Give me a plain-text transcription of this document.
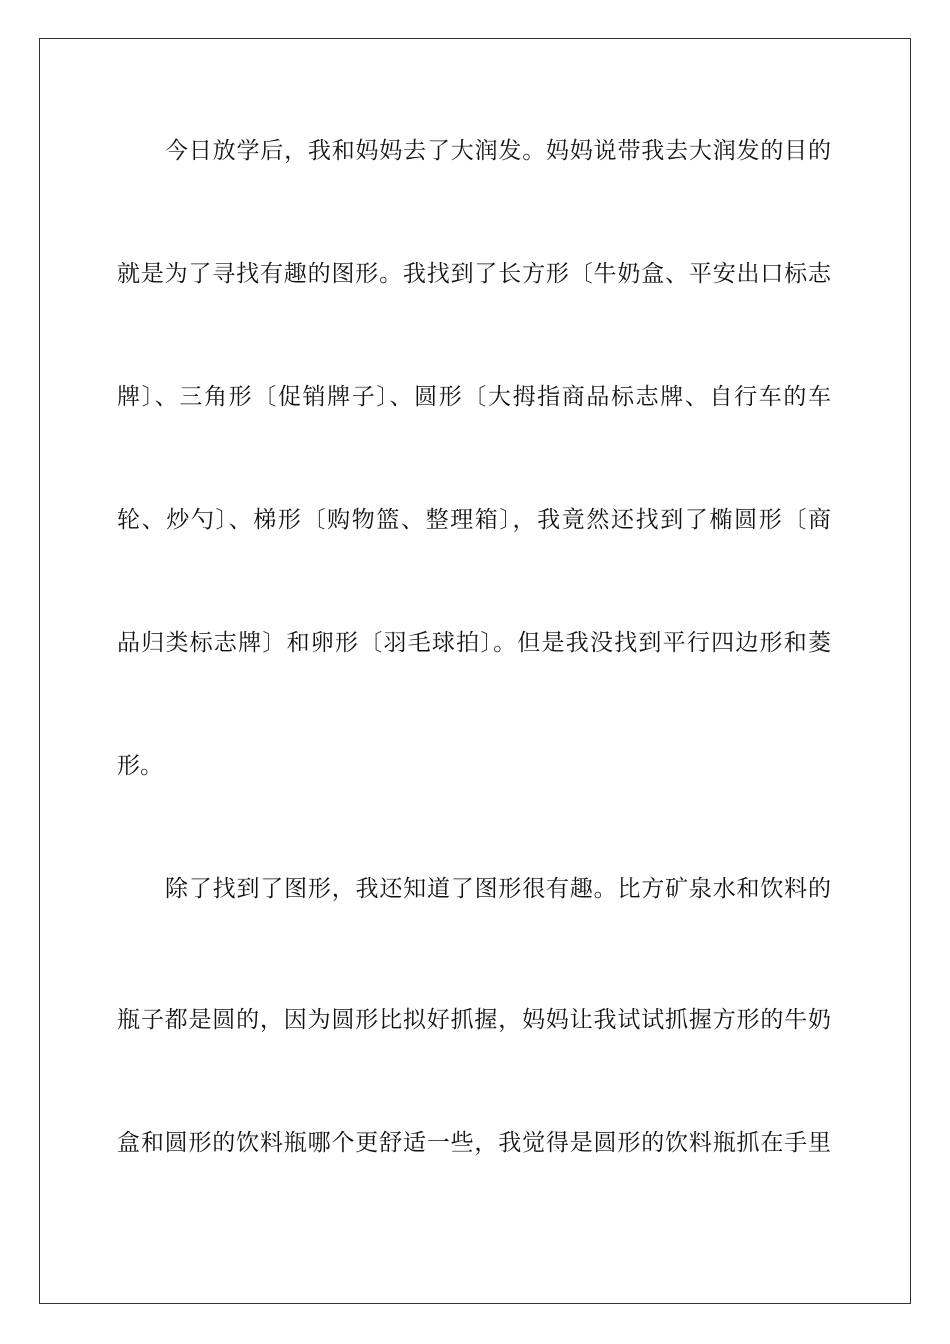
今日放学后，我和妈妈去了大润发。妈妈说带我去大润发的目的
就是为了寻找有趣的图形。我找到了长方形〔牛奶盒、平安出口标志
牌〕、三角形〔促销牌子〕、圆形〔大拇指商品标志牌、自行车的车
轮、炒勺〕、梯形〔购物篮、整理箱〕，我竟然还找到了椭圆形〔商
品归类标志牌〕和卵形〔羽毛球拍〕。但是我没找到平行四边形和菱
形。
除了找到了图形，我还知道了图形很有趣。比方矿泉水和饮料的
瓶子都是圆的，因为圆形比拟好抓握，妈妈让我试试抓握方形的牛奶
盒和圆形的饮料瓶哪个更舒适一些，我觉得是圆形的饮料瓶抓在手里
